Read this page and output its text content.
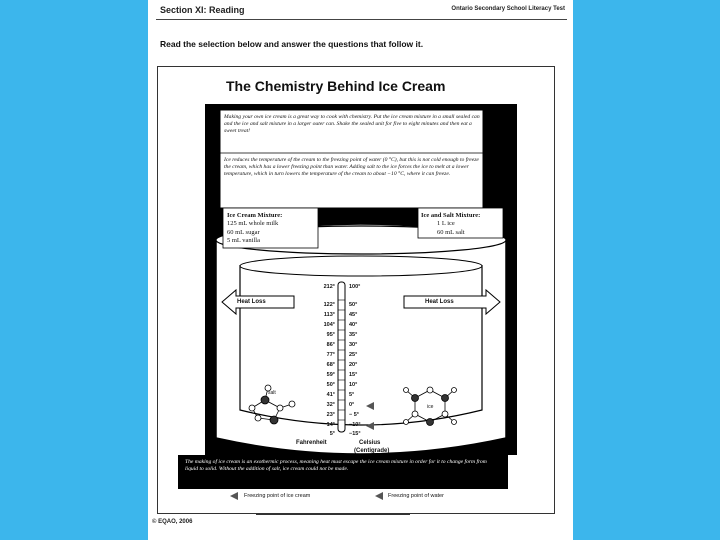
Section XI: Reading	Ontario Secondary School Literacy Test
Read the selection below and answer the questions that follow it.
The Chemistry Behind Ice Cream
© EQAO, 2006
Making your own ice cream is a great way to cook with chemistry. Put the ice cream mixture in a small sealed can and the ice and salt mixture in a larger outer can. Shake the sealed unit for five to eight minutes and then eat a sweet treat!
Ice reduces the temperature of the cream to the freezing point of water (0 °C), but this is not cold enough to freeze the cream, which has a lower freezing point than water. Adding salt to the ice forces the ice to melt at a lower temperature, which in turn lowers the temperature of the cream to about −10 °C, where it can freeze.
Ice Cream Mixture:
125 mL whole milk
60 mL sugar
5 mL vanilla
Ice and Salt Mixture:
1 L ice
60 mL salt
Heat Loss	Heat Loss
212°
122°
113°
104°
95°
86°
77°
68°
59°
50°
41°
32°
23°
14°
5°
100°
50°
45°
40°
35°
30°
25°
20°
15°
10°
5°
0°
− 5°
−10°
−15°
Fahrenheit	Celsius
(Centigrade)
salt
ice
The making of ice cream is an exothermic process, meaning heat must escape the ice cream mixture in order for it to change form from liquid to solid. Without the addition of salt, ice cream could not be made.
Freezing point of ice cream	Freezing point of water
